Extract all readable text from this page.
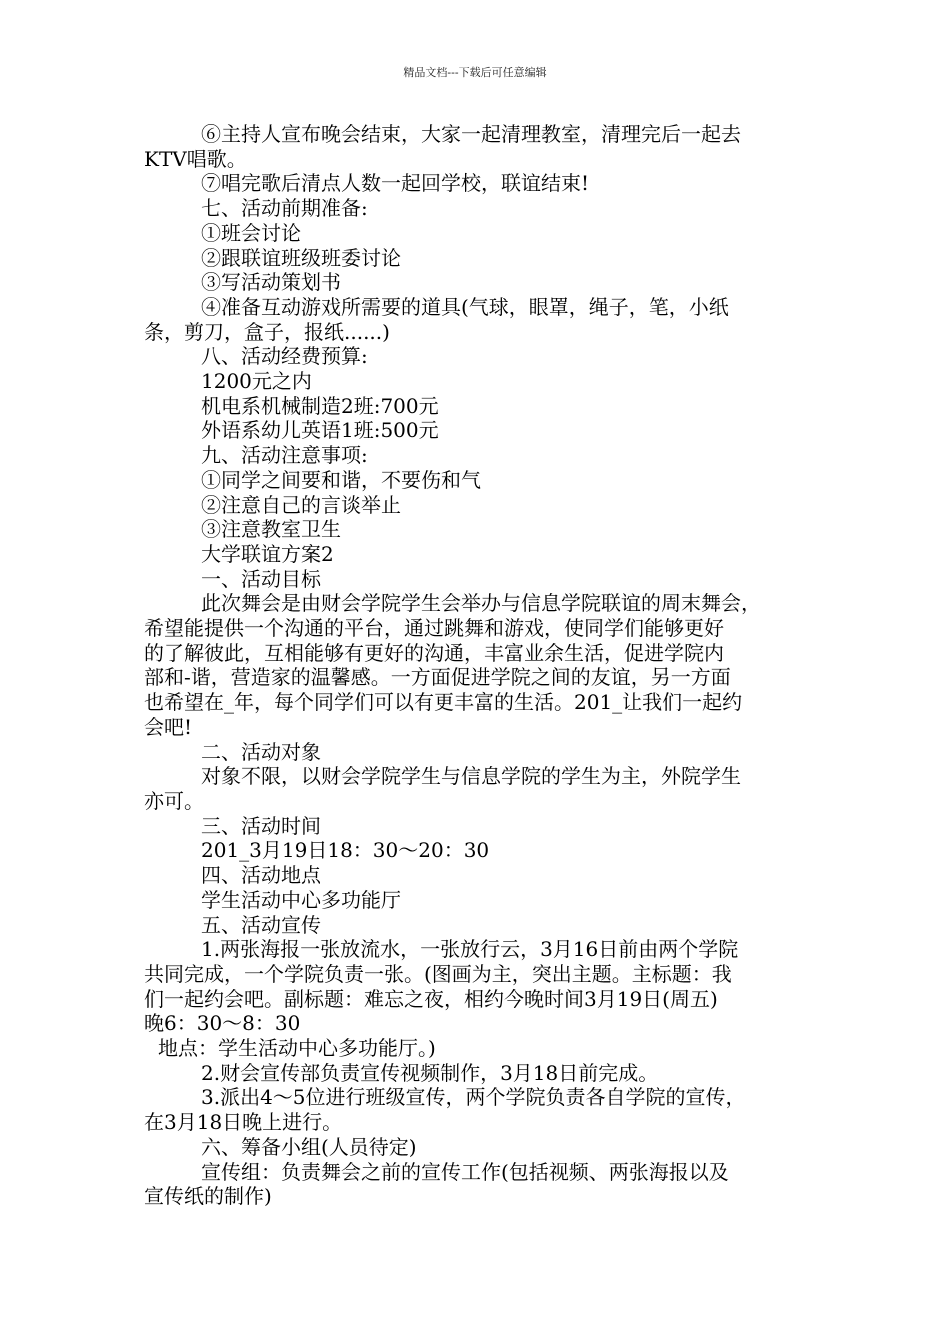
精品文档---下载后可任意编辑
⑥主持人宣布晚会结束，大家一起清理教室，清理完后一起去
KTV唱歌。
⑦唱完歌后清点人数一起回学校，联谊结束!
七、活动前期准备:
①班会讨论
②跟联谊班级班委讨论
③写活动策划书
④准备互动游戏所需要的道具(气球，眼罩，绳子，笔，小纸
条，剪刀，盒子，报纸......)
八、活动经费预算:
1200元之内
机电系机械制造2班:700元
外语系幼儿英语1班:500元
九、活动注意事项:
①同学之间要和谐，不要伤和气
②注意自己的言谈举止
③注意教室卫生
大学联谊方案2
一、活动目标
此次舞会是由财会学院学生会举办与信息学院联谊的周末舞会，
希望能提供一个沟通的平台，通过跳舞和游戏，使同学们能够更好
的了解彼此，互相能够有更好的沟通，丰富业余生活，促进学院内
部和-谐，营造家的温馨感。一方面促进学院之间的友谊，另一方面
也希望在_年，每个同学们可以有更丰富的生活。201_让我们一起约
会吧!
二、活动对象
对象不限，以财会学院学生与信息学院的学生为主，外院学生
亦可。
三、活动时间
201_3月19日18：30～20：30
四、活动地点
学生活动中心多功能厅
五、活动宣传
1.两张海报一张放流水，一张放行云，3月16日前由两个学院
共同完成，一个学院负责一张。(图画为主，突出主题。主标题：我
们一起约会吧。副标题：难忘之夜，相约今晚时间3月19日(周五)
晚6：30～8：30
地点：学生活动中心多功能厅。)
2.财会宣传部负责宣传视频制作，3月18日前完成。
3.派出4～5位进行班级宣传，两个学院负责各自学院的宣传，
在3月18日晚上进行。
六、筹备小组(人员待定)
宣传组：负责舞会之前的宣传工作(包括视频、两张海报以及
宣传纸的制作)
